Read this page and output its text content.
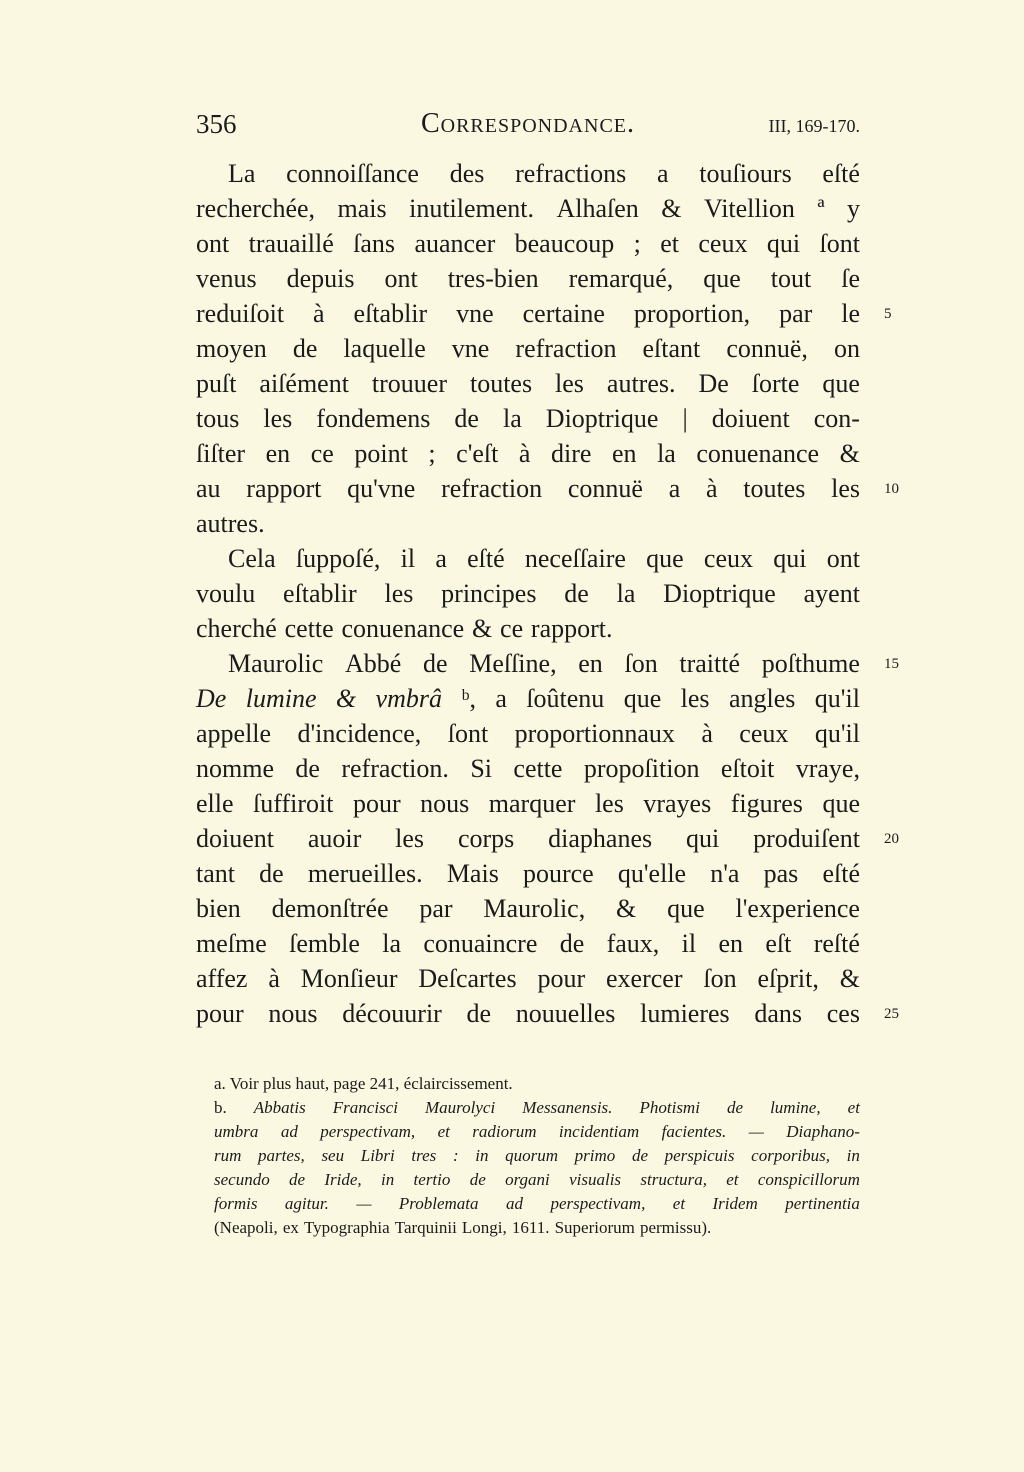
356	Correspondance.	III, 169-170.
La connoiſſance des refractions a touſiours eſté
recherchée, mais inutilement. Alhaſen & Vitellion ª y
ont trauaillé ſans auancer beaucoup ; et ceux qui ſont
venus depuis ont tres-bien remarqué, que tout ſe
reduiſoit à eſtablir vne certaine proportion, par le
moyen de laquelle vne refraction eſtant connuë, on
puſt aiſément trouuer toutes les autres. De ſorte que
tous les fondemens de la Dioptrique | doiuent con-
ſiſter en ce point ; c'eſt à dire en la conuenance &
au rapport qu'vne refraction connuë a à toutes les
autres.
Cela ſuppoſé, il a eſté neceſſaire que ceux qui ont
voulu eſtablir les principes de la Dioptrique ayent
cherché cette conuenance & ce rapport.
Maurolic Abbé de Meſſine, en ſon traitté poſthume
De lumine & vmbrâ ᵇ, a ſoûtenu que les angles qu'il
appelle d'incidence, ſont proportionnaux à ceux qu'il
nomme de refraction. Si cette propoſition eſtoit vraye,
elle ſuffiroit pour nous marquer les vrayes figures que
doiuent auoir les corps diaphanes qui produiſent
tant de merueilles. Mais pource qu'elle n'a pas eſté
bien demonſtrée par Maurolic, & que l'experience
meſme ſemble la conuaincre de faux, il en eſt reſté
affez à Monſieur Deſcartes pour exercer ſon eſprit, &
pour nous découurir de nouuelles lumieres dans ces
5
10
15
20
25
a. Voir plus haut, page 241, éclaircissement.
b. Abbatis Francisci Maurolyci Messanensis. Photismi de lumine, et
umbra ad perspectivam, et radiorum incidentiam facientes. — Diaphano-
rum partes, seu Libri tres : in quorum primo de perspicuis corporibus, in
secundo de Iride, in tertio de organi visualis structura, et conspicillorum
formis agitur. — Problemata ad perspectivam, et Iridem pertinentia
(Neapoli, ex Typographia Tarquinii Longi, 1611. Superiorum permissu).
